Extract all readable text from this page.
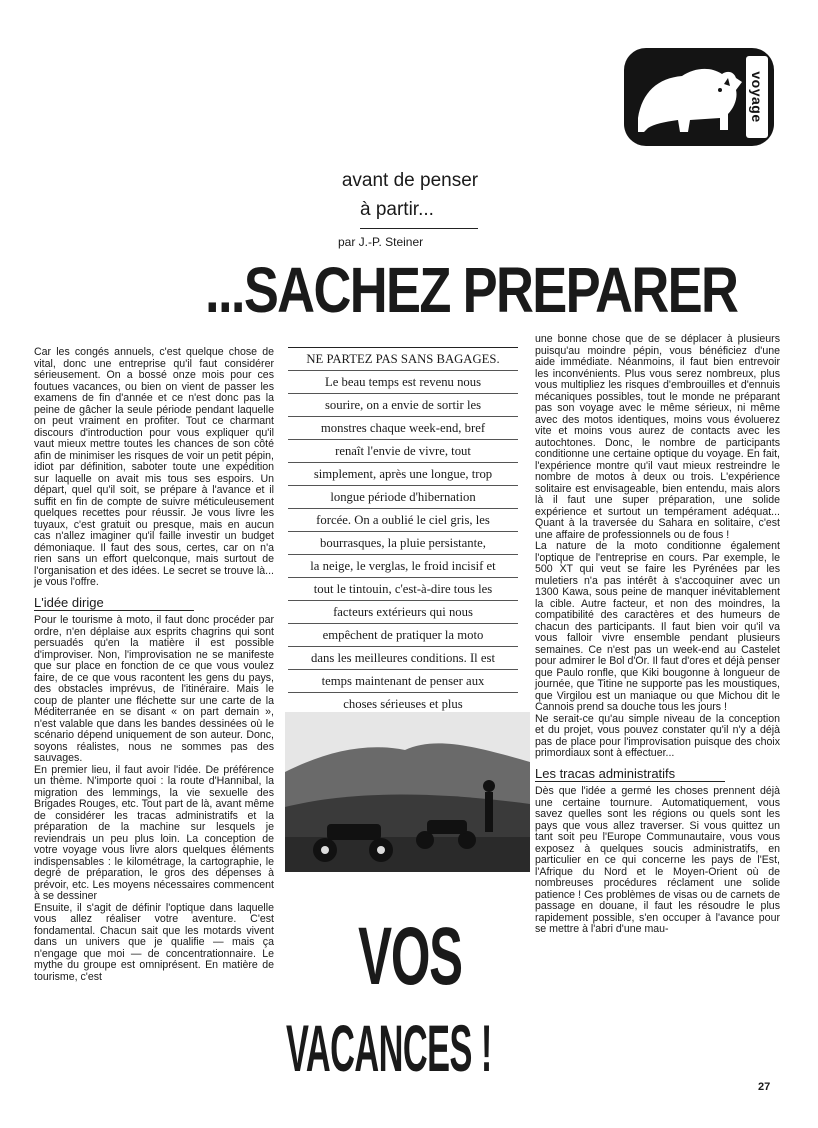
voyage
avant de penser
à partir...
par J.-P. Steiner
...SACHEZ PREPARER

Car les congés annuels, c'est quelque chose de vital, donc une entreprise qu'il faut considérer sérieusement. On a bossé onze mois pour ces foutues vacances, ou bien on vient de passer les examens de fin d'année et ce n'est donc pas la peine de gâcher la seule période pendant laquelle on peut vraiment en profiter. Tout ce charmant discours d'introduction pour vous expliquer qu'il vaut mieux mettre toutes les chances de son côté afin de minimiser les risques de voir un petit pépin, idiot par définition, saboter toute une expédition sur laquelle on avait mis tous ses espoirs. Un départ, quel qu'il soit, se prépare à l'avance et il suffit en fin de compte de suivre méticuleusement quelques recettes pour réussir. Je vous livre les tuyaux, c'est gratuit ou presque, mais en aucun cas n'allez imaginer qu'il faille investir un budget démoniaque. Il faut des sous, certes, car on n'a rien sans un effort quelconque, mais surtout de l'organisation et des idées. Le secret se trouve là... je vous l'offre.

L'idée dirige

Pour le tourisme à moto, il faut donc procéder par ordre, n'en déplaise aux esprits chagrins qui sont persuadés qu'en la matière il est possible d'improviser. Non, l'improvisation ne se manifeste que sur place en fonction de ce que vous voulez faire, de ce que vous racontent les gens du pays, des obstacles imprévus, de l'itinéraire. Mais le coup de planter une fléchette sur une carte de la Méditerranée en se disant « on part demain », n'est valable que dans les bandes dessinées où le scénario dépend uniquement de son auteur. Donc, soyons réalistes, nous ne sommes pas des sauvages.

En premier lieu, il faut avoir l'idée. De préférence un thème. N'importe quoi : la route d'Hannibal, la migration des lemmings, la vie sexuelle des Brigades Rouges, etc. Tout part de là, avant même de considérer les tracas administratifs et la préparation de la machine sur lesquels je reviendrais un peu plus loin. La conception de votre voyage vous livre alors quelques éléments indispensables : le kilométrage, la cartographie, le degré de préparation, le gros des dépenses à prévoir, etc. Les moyens nécessaires commencent à se dessiner

Ensuite, il s'agit de définir l'optique dans laquelle vous allez réaliser votre aventure. C'est fondamental. Chacun sait que les motards vivent dans un univers que je qualifie — mais ça n'engage que moi — de concentrationnaire. Le mythe du groupe est omniprésent. En matière de tourisme, c'est

NE PARTEZ PAS SANS BAGAGES.
Le beau temps est revenu nous
sourire, on a envie de sortir les
monstres chaque week-end, bref
renaît l'envie de vivre, tout
simplement, après une longue, trop
longue période d'hibernation
forcée. On a oublié le ciel gris, les
bourrasques, la pluie persistante,
la neige, le verglas, le froid incisif et
tout le tintouin, c'est-à-dire tous les
facteurs extérieurs qui nous
empêchent de pratiquer la moto
dans les meilleures conditions. Il est
temps maintenant de penser aux
choses sérieuses et plus
VOS
VACANCES !

une bonne chose que de se déplacer à plusieurs puisqu'au moindre pépin, vous bénéficiez d'une aide immédiate. Néanmoins, il faut bien entrevoir les inconvénients. Plus vous serez nombreux, plus vous multipliez les risques d'embrouilles et d'ennuis mécaniques possibles, tout le monde ne préparant pas son voyage avec le même sérieux, ni même avec des motos identiques, moins vous évoluerez vite et moins vous aurez de contacts avec les autochtones. Donc, le nombre de participants conditionne une certaine optique du voyage. En fait, l'expérience montre qu'il vaut mieux restreindre le nombre de motos à deux ou trois. L'expérience solitaire est envisageable, bien entendu, mais alors là il faut une super préparation, une solide expérience et surtout un tempérament adéquat... Quant à la traversée du Sahara en solitaire, c'est une affaire de professionnels ou de fous !

La nature de la moto conditionne également l'optique de l'entreprise en cours. Par exemple, le 500 XT qui veut se faire les Pyrénées par les muletiers n'a pas intérêt à s'accoquiner avec un 1300 Kawa, sous peine de manquer inévitablement la cible. Autre facteur, et non des moindres, la compatibilité des caractères et des humeurs de chacun des participants. Il faut bien voir qu'il va vous falloir vivre ensemble pendant plusieurs semaines. Ce n'est pas un week-end au Castelet pour admirer le Bol d'Or. Il faut d'ores et déjà penser que Paulo ronfle, que Kiki bougonne à longueur de journée, que Titine ne supporte pas les moustiques, que Virgilou est un maniaque ou que Michou dit le Cannois prend sa douche tous les jours !

Ne serait-ce qu'au simple niveau de la conception et du projet, vous pouvez constater qu'il n'y a déjà pas de place pour l'improvisation puisque des choix primordiaux sont à effectuer...

Les tracas administratifs

Dès que l'idée a germé les choses prennent déjà une certaine tournure. Automatiquement, vous savez quelles sont les régions ou quels sont les pays que vous allez traverser. Si vous quittez un tant soit peu l'Europe Communautaire, vous vous exposez à quelques soucis administratifs, en particulier en ce qui concerne les pays de l'Est, l'Afrique du Nord et le Moyen-Orient où de nombreuses procédures réclament une solide patience ! Ces problèmes de visas ou de carnets de passage en douane, il faut les résoudre le plus rapidement possible, s'en occuper à l'avance pour se mettre à l'abri d'une mau-

27
